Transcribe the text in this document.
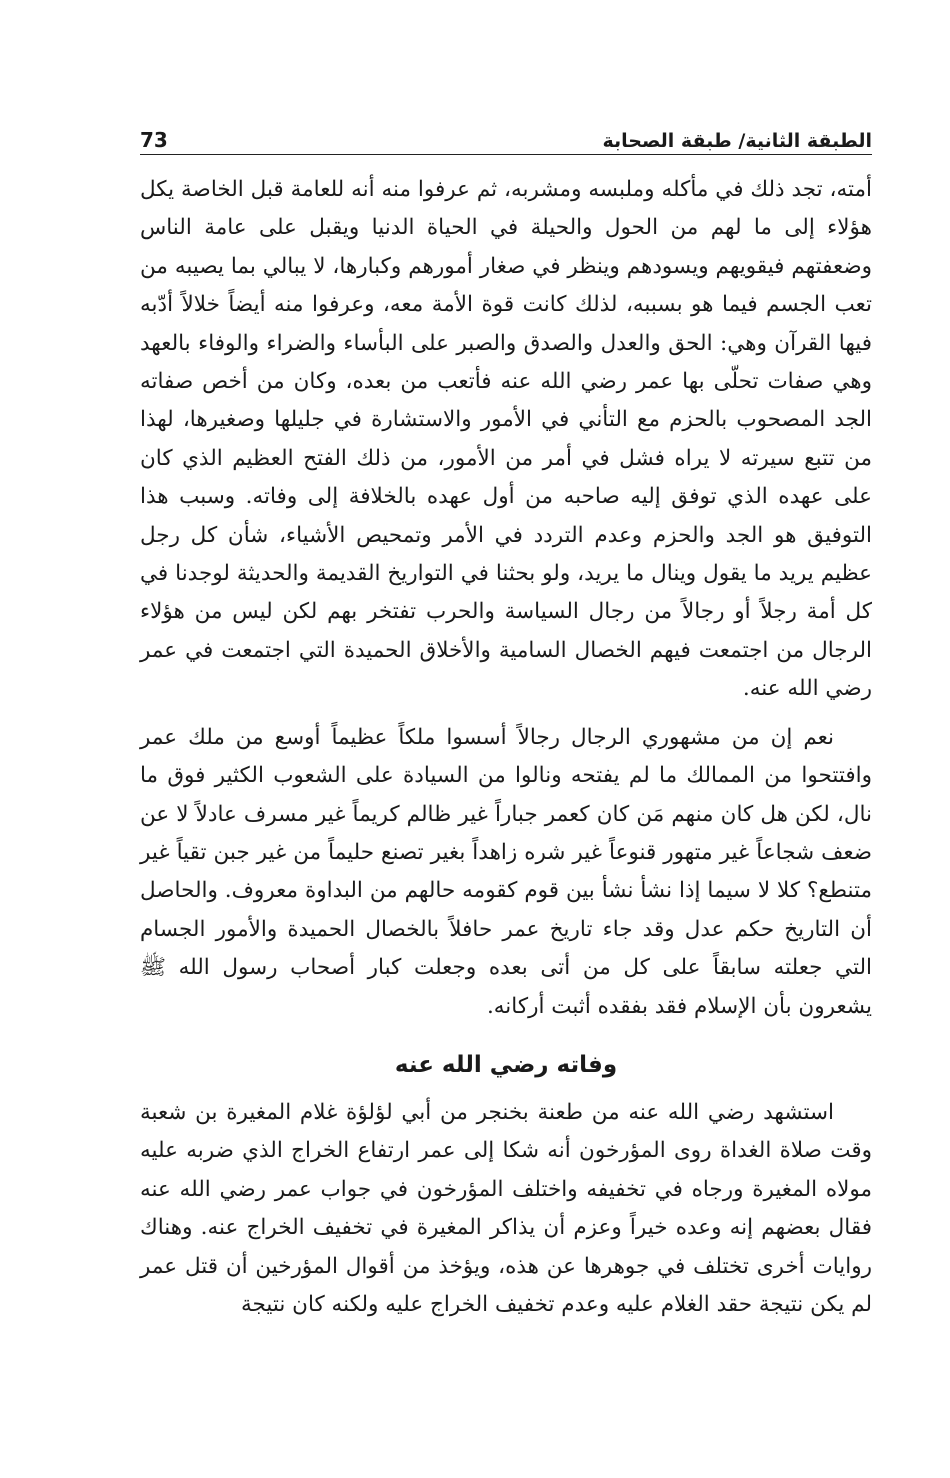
الطبقة الثانية/ طبقة الصحابة
73

أمته، تجد ذلك في مأكله وملبسه ومشربه، ثم عرفوا منه أنه للعامة قبل الخاصة يكل هؤلاء إلى ما لهم من الحول والحيلة في الحياة الدنيا ويقبل على عامة الناس وضعفتهم فيقويهم ويسودهم وينظر في صغار أمورهم وكبارها، لا يبالي بما يصيبه من تعب الجسم فيما هو بسببه، لذلك كانت قوة الأمة معه، وعرفوا منه أيضاً خلالاً أدّبه فيها القرآن وهي: الحق والعدل والصدق والصبر على البأساء والضراء والوفاء بالعهد وهي صفات تحلّى بها عمر رضي الله عنه فأتعب من بعده، وكان من أخص صفاته الجد المصحوب بالحزم مع التأني في الأمور والاستشارة في جليلها وصغيرها، لهذا من تتبع سيرته لا يراه فشل في أمر من الأمور، من ذلك الفتح العظيم الذي كان على عهده الذي توفق إليه صاحبه من أول عهده بالخلافة إلى وفاته. وسبب هذا التوفيق هو الجد والحزم وعدم التردد في الأمر وتمحيص الأشياء، شأن كل رجل عظيم يريد ما يقول وينال ما يريد، ولو بحثنا في التواريخ القديمة والحديثة لوجدنا في كل أمة رجلاً أو رجالاً من رجال السياسة والحرب تفتخر بهم لكن ليس من هؤلاء الرجال من اجتمعت فيهم الخصال السامية والأخلاق الحميدة التي اجتمعت في عمر رضي الله عنه.

نعم إن من مشهوري الرجال رجالاً أسسوا ملكاً عظيماً أوسع من ملك عمر وافتتحوا من الممالك ما لم يفتحه ونالوا من السيادة على الشعوب الكثير فوق ما نال، لكن هل كان منهم مَن كان كعمر جباراً غير ظالم كريماً غير مسرف عادلاً لا عن ضعف شجاعاً غير متهور قنوعاً غير شره زاهداً بغير تصنع حليماً من غير جبن تقياً غير متنطع؟ كلا لا سيما إذا نشأ نشأ بين قوم كقومه حالهم من البداوة معروف. والحاصل أن التاريخ حكم عدل وقد جاء تاريخ عمر حافلاً بالخصال الحميدة والأمور الجسام التي جعلته سابقاً على كل من أتى بعده وجعلت كبار أصحاب رسول الله ﷺ يشعرون بأن الإسلام فقد بفقده أثبت أركانه.

وفاته رضي الله عنه

استشهد رضي الله عنه من طعنة بخنجر من أبي لؤلؤة غلام المغيرة بن شعبة وقت صلاة الغداة روى المؤرخون أنه شكا إلى عمر ارتفاع الخراج الذي ضربه عليه مولاه المغيرة ورجاه في تخفيفه واختلف المؤرخون في جواب عمر رضي الله عنه فقال بعضهم إنه وعده خيراً وعزم أن يذاكر المغيرة في تخفيف الخراج عنه. وهناك روايات أخرى تختلف في جوهرها عن هذه، ويؤخذ من أقوال المؤرخين أن قتل عمر لم يكن نتيجة حقد الغلام عليه وعدم تخفيف الخراج عليه ولكنه كان نتيجة
